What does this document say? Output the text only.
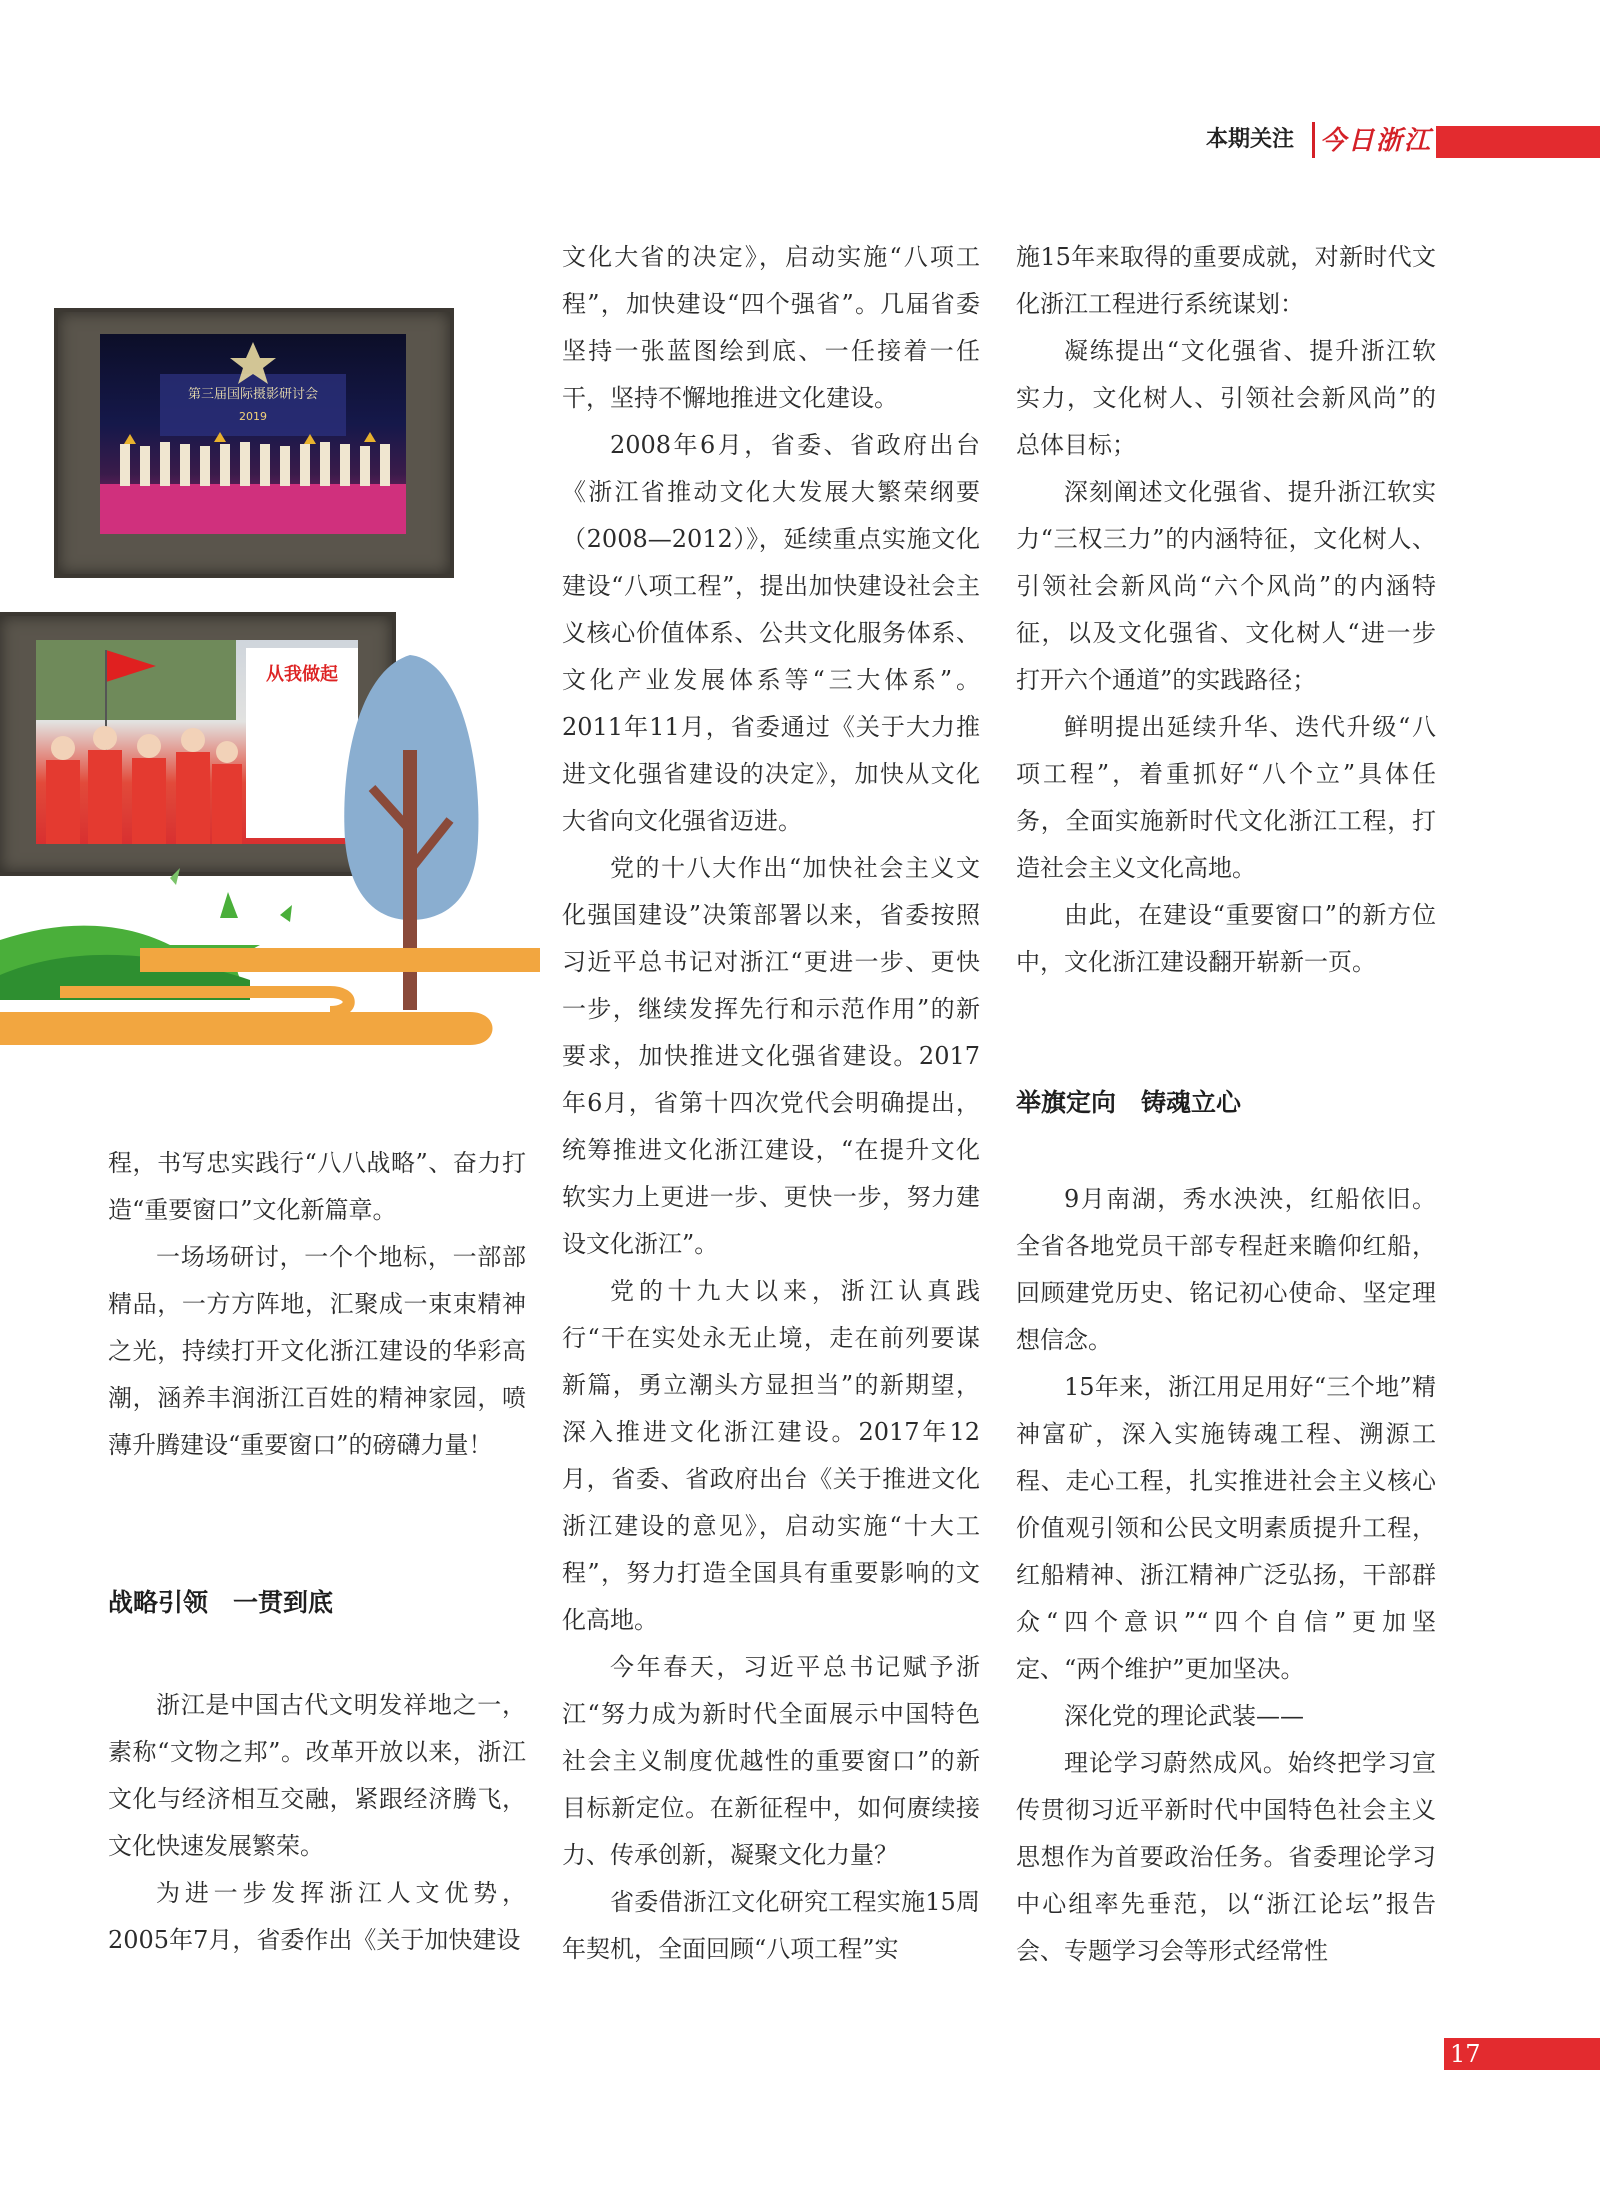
本期关注 今日浙江
第三届国际摄影研讨会
2019
从我做起

程，书写忠实践行“八八战略”、奋力打造“重要窗口”文化新篇章。

一场场研讨，一个个地标，一部部精品，一方方阵地，汇聚成一束束精神之光，持续打开文化浙江建设的华彩高潮，涵养丰润浙江百姓的精神家园，喷薄升腾建设“重要窗口”的磅礴力量！

战略引领　一贯到底

浙江是中国古代文明发祥地之一，素称“文物之邦”。改革开放以来，浙江文化与经济相互交融，紧跟经济腾飞，文化快速发展繁荣。

为进一步发挥浙江人文优势，2005年7月，省委作出《关于加快建设

文化大省的决定》，启动实施“八项工程”，加快建设“四个强省”。几届省委坚持一张蓝图绘到底、一任接着一任干，坚持不懈地推进文化建设。

2008年6月，省委、省政府出台《浙江省推动文化大发展大繁荣纲要（2008—2012）》，延续重点实施文化建设“八项工程”，提出加快建设社会主义核心价值体系、公共文化服务体系、文化产业发展体系等“三大体系”。2011年11月，省委通过《关于大力推进文化强省建设的决定》，加快从文化大省向文化强省迈进。

党的十八大作出“加快社会主义文化强国建设”决策部署以来，省委按照习近平总书记对浙江“更进一步、更快一步，继续发挥先行和示范作用”的新要求，加快推进文化强省建设。2017年6月，省第十四次党代会明确提出，统筹推进文化浙江建设，“在提升文化软实力上更进一步、更快一步，努力建设文化浙江”。

党的十九大以来，浙江认真践行“干在实处永无止境，走在前列要谋新篇，勇立潮头方显担当”的新期望，深入推进文化浙江建设。2017年12月，省委、省政府出台《关于推进文化浙江建设的意见》，启动实施“十大工程”，努力打造全国具有重要影响的文化高地。

今年春天，习近平总书记赋予浙江“努力成为新时代全面展示中国特色社会主义制度优越性的重要窗口”的新目标新定位。在新征程中，如何赓续接力、传承创新，凝聚文化力量？

省委借浙江文化研究工程实施15周年契机，全面回顾“八项工程”实

施15年来取得的重要成就，对新时代文化浙江工程进行系统谋划：

凝练提出“文化强省、提升浙江软实力，文化树人、引领社会新风尚”的总体目标；

深刻阐述文化强省、提升浙江软实力“三权三力”的内涵特征，文化树人、引领社会新风尚“六个风尚”的内涵特征，以及文化强省、文化树人“进一步打开六个通道”的实践路径；

鲜明提出延续升华、迭代升级“八项工程”，着重抓好“八个立”具体任务，全面实施新时代文化浙江工程，打造社会主义文化高地。

由此，在建设“重要窗口”的新方位中，文化浙江建设翻开崭新一页。

举旗定向　铸魂立心

9月南湖，秀水泱泱，红船依旧。全省各地党员干部专程赶来瞻仰红船，回顾建党历史、铭记初心使命、坚定理想信念。

15年来，浙江用足用好“三个地”精神富矿，深入实施铸魂工程、溯源工程、走心工程，扎实推进社会主义核心价值观引领和公民文明素质提升工程，红船精神、浙江精神广泛弘扬，干部群众“四个意识”“四个自信”更加坚定、“两个维护”更加坚决。

深化党的理论武装——

理论学习蔚然成风。始终把学习宣传贯彻习近平新时代中国特色社会主义思想作为首要政治任务。省委理论学习中心组率先垂范，以“浙江论坛”报告会、专题学习会等形式经常性

17
